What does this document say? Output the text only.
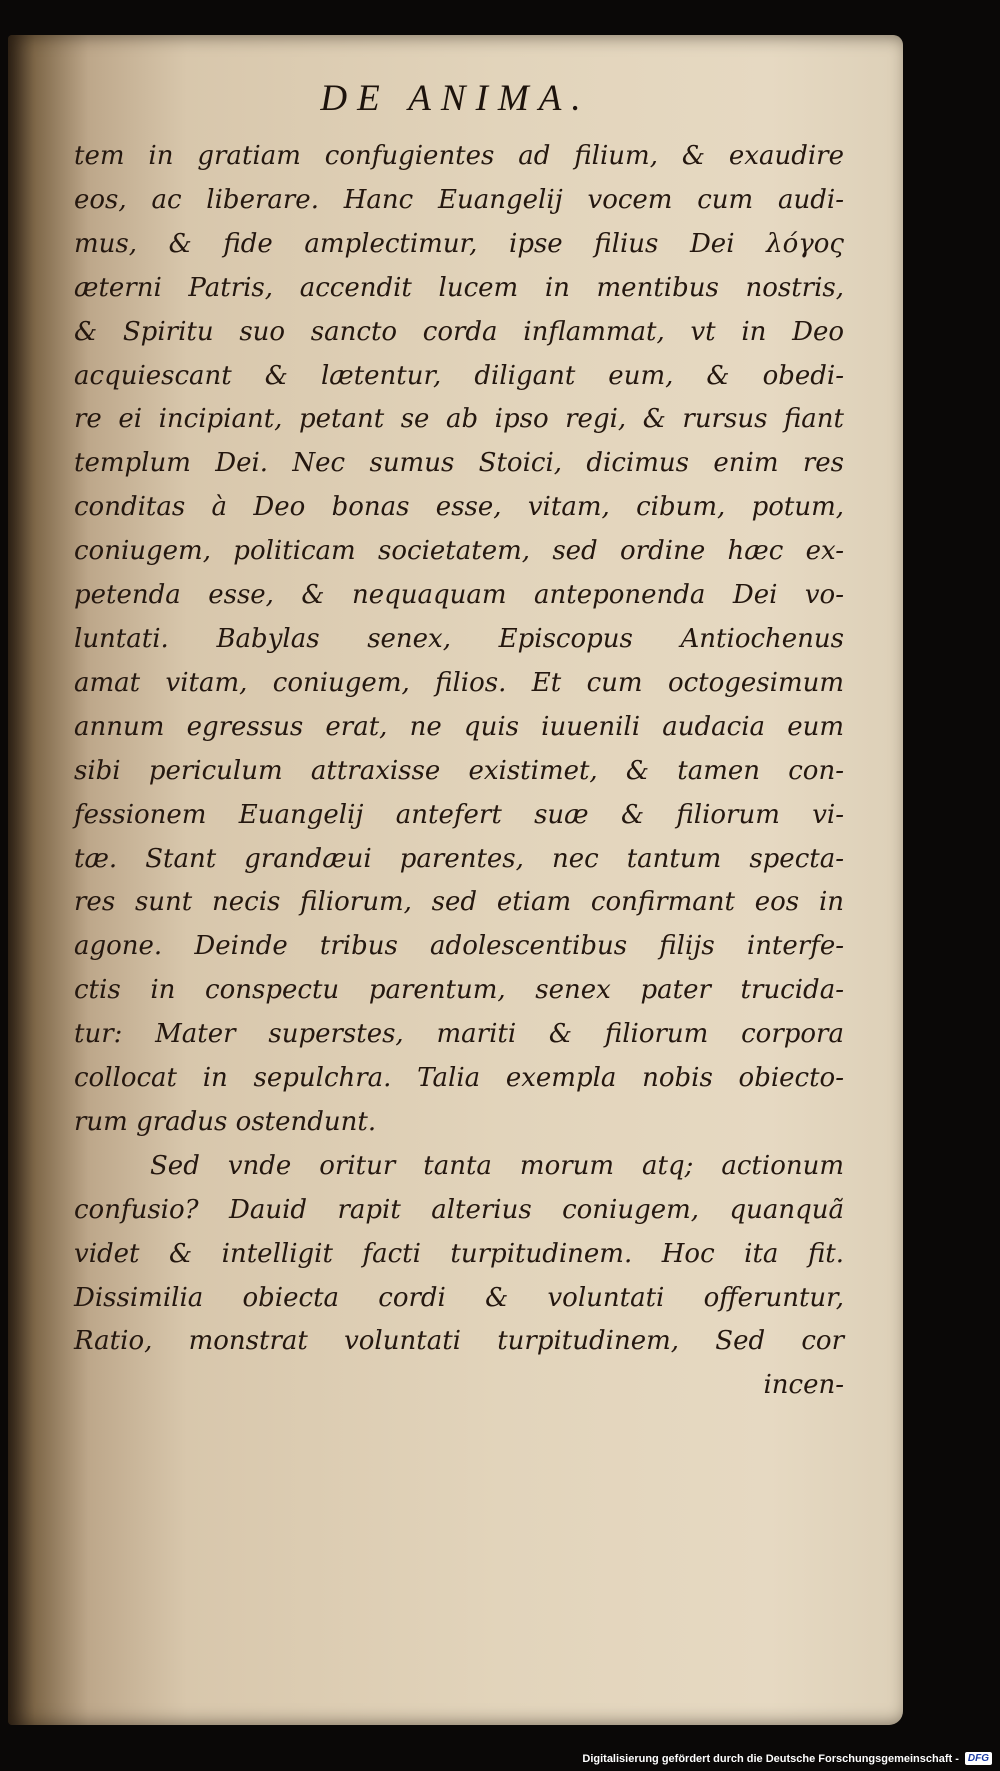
DE ANIMA.
tem in gratiam confugientes ad filium, & exaudire
eos, ac liberare. Hanc Euangelij vocem cum audi-
mus, & fide amplectimur, ipse filius Dei λόγος
æterni Patris, accendit lucem in mentibus nostris,
& Spiritu suo sancto corda inflammat, vt in Deo
acquiescant & lætentur, diligant eum, & obedi-
re ei incipiant, petant se ab ipso regi, & rursus fiant
templum Dei. Nec sumus Stoici, dicimus enim res
conditas à Deo bonas esse, vitam, cibum, potum,
coniugem, politicam societatem, sed ordine hæc ex-
petenda esse, & nequaquam anteponenda Dei vo-
luntati. Babylas senex, Episcopus Antiochenus
amat vitam, coniugem, filios. Et cum octogesimum
annum egressus erat, ne quis iuuenili audacia eum
sibi periculum attraxisse existimet, & tamen con-
fessionem Euangelij antefert suæ & filiorum vi-
tæ. Stant grandæui parentes, nec tantum specta-
res sunt necis filiorum, sed etiam confirmant eos in
agone. Deinde tribus adolescentibus filijs interfe-
ctis in conspectu parentum, senex pater trucida-
tur: Mater superstes, mariti & filiorum corpora
collocat in sepulchra. Talia exempla nobis obiecto-
rum gradus ostendunt.
Sed vnde oritur tanta morum atq; actionum
confusio? Dauid rapit alterius coniugem, quanquã
videt & intelligit facti turpitudinem. Hoc ita fit.
Dissimilia obiecta cordi & voluntati offeruntur,
Ratio, monstrat voluntati turpitudinem, Sed cor
incen-
Digitalisierung gefördert durch die Deutsche Forschungsgemeinschaft - DFG
